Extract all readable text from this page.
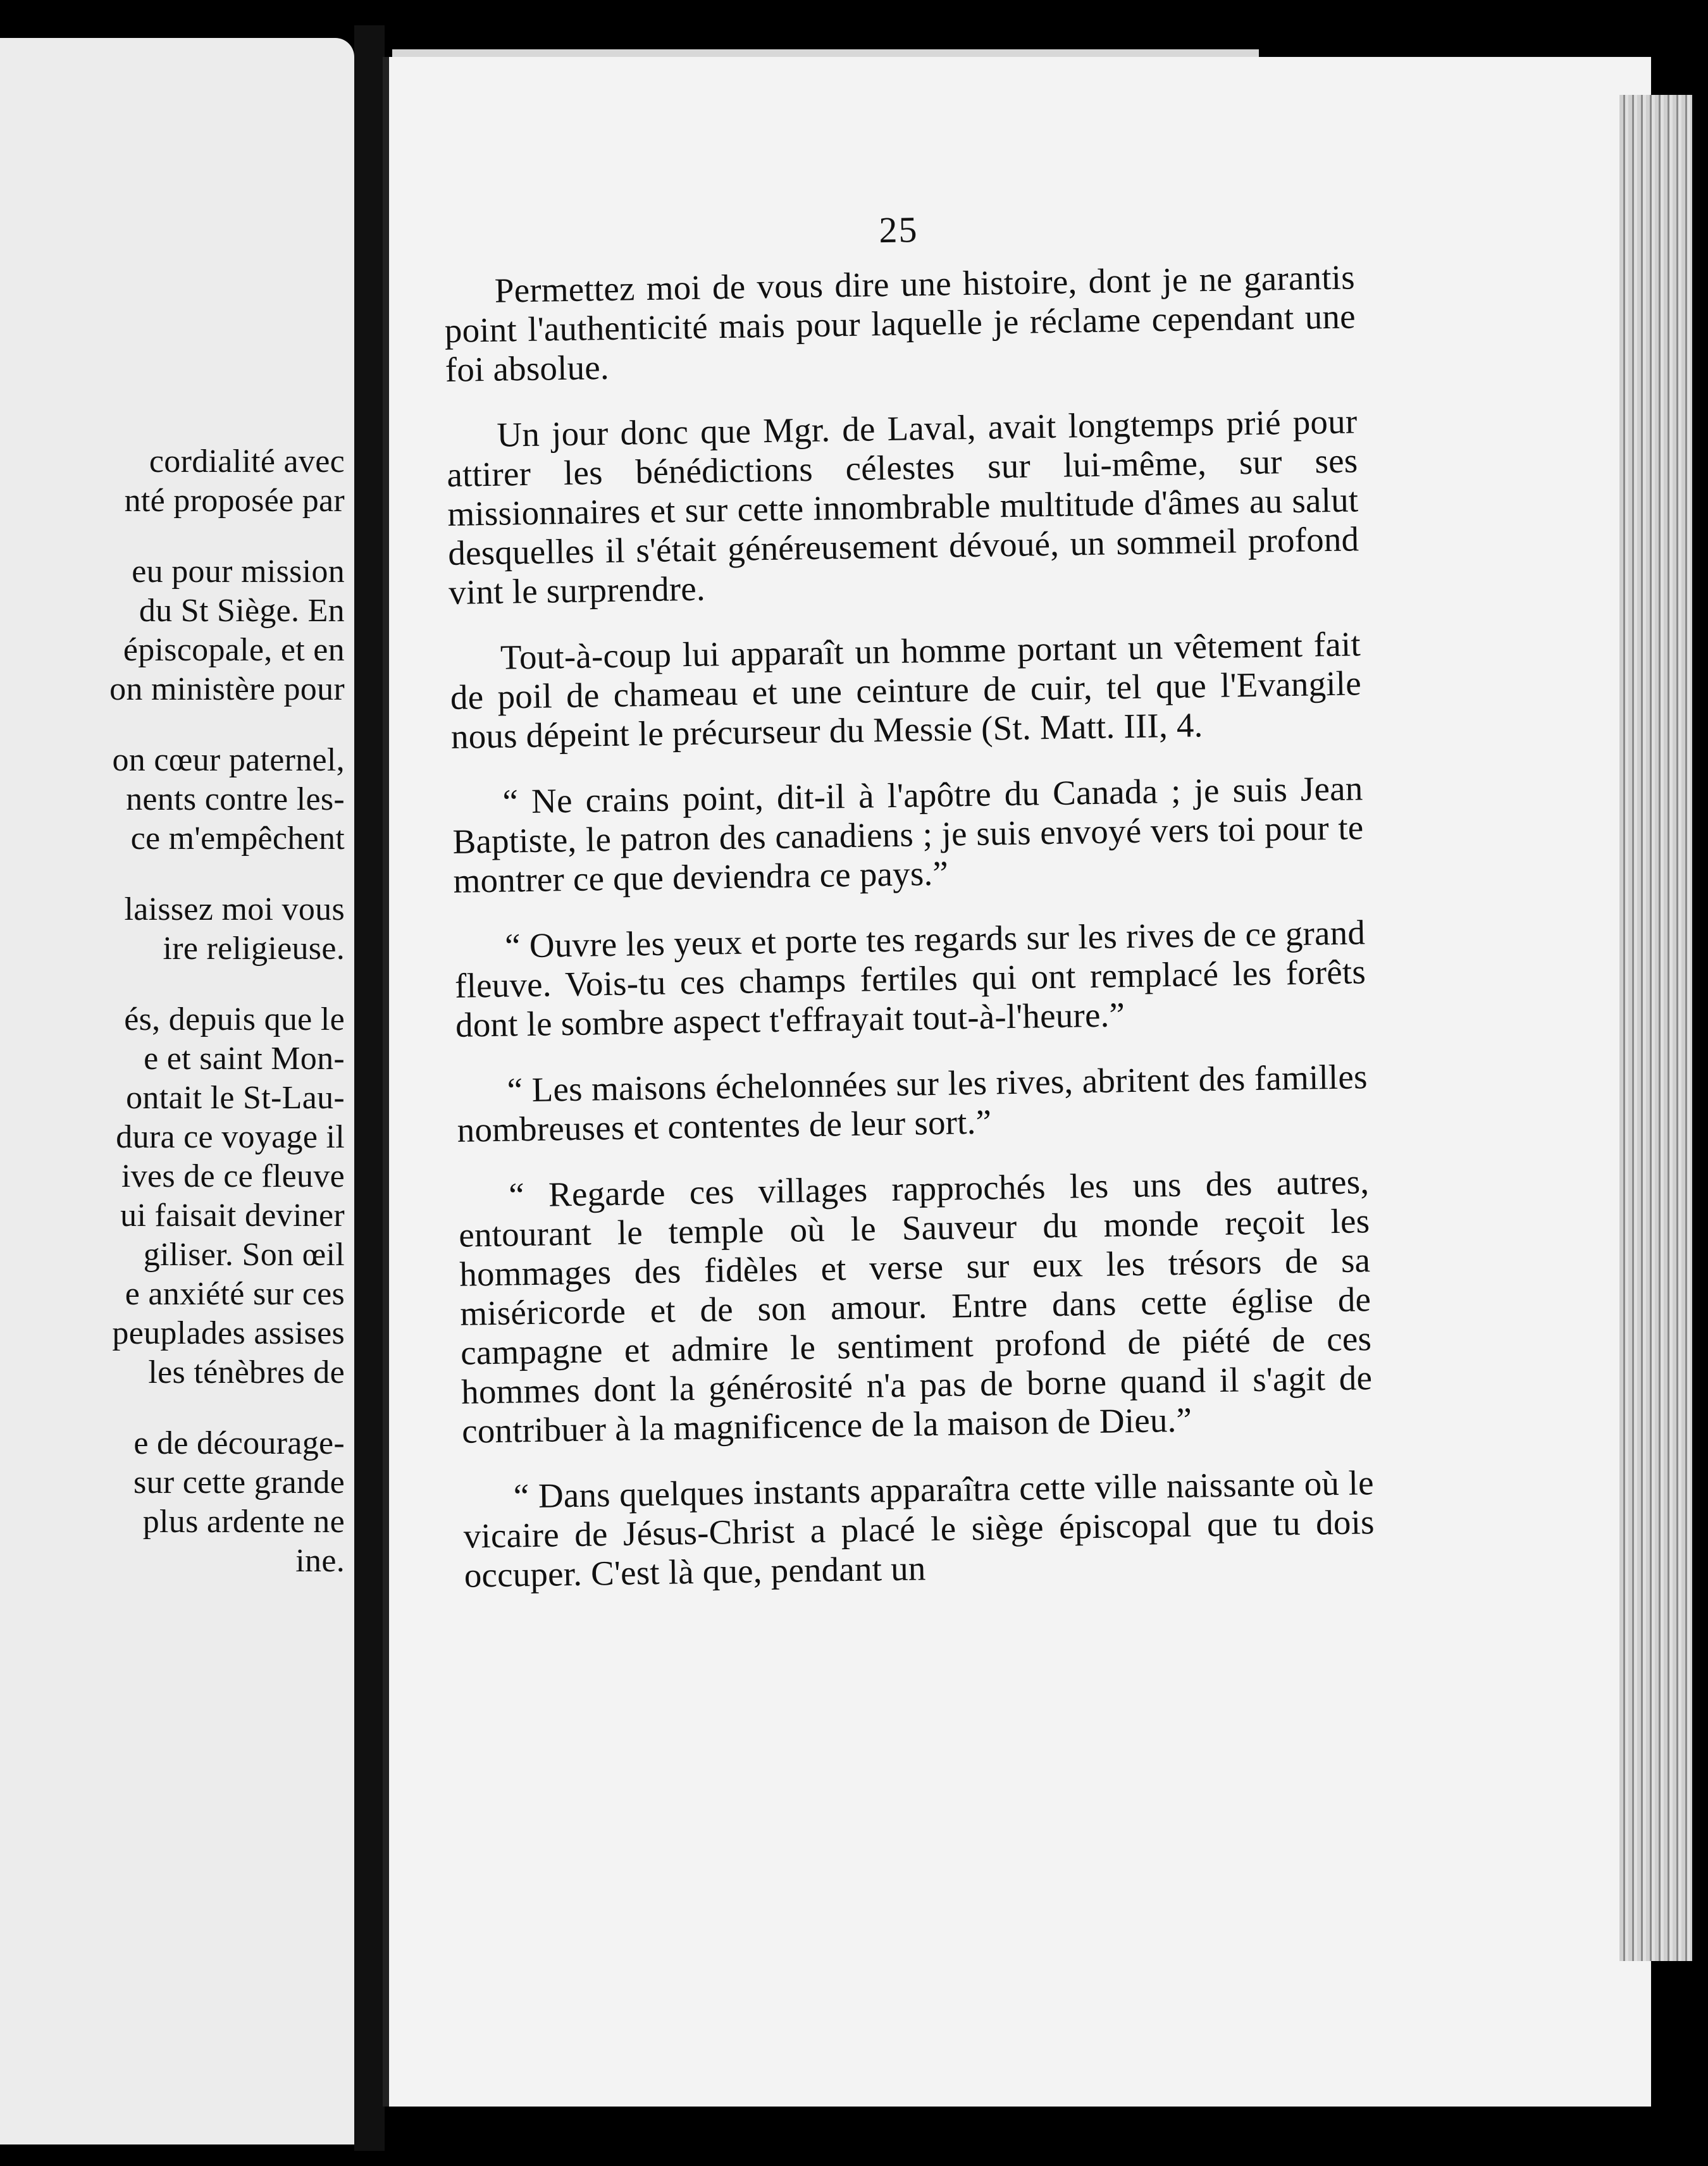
cordialité avec
nté proposée par
eu pour mission
du St Siège. En
épiscopale, et en
on ministère pour
on cœur paternel,
nents contre les-
ce m'empêchent
laissez moi vous
ire religieuse.
és, depuis que le
e et saint Mon-
ontait le St-Lau-
dura ce voyage il
ives de ce fleuve
ui faisait deviner
giliser. Son œil
e anxiété sur ces
peuplades assises
les ténèbres de
e de décourage-
sur cette grande
plus ardente ne
ine.
25

Permettez moi de vous dire une histoire, dont je ne garantis point l'authenticité mais pour laquelle je réclame cependant une foi absolue.

Un jour donc que Mgr. de Laval, avait longtemps prié pour attirer les bénédictions célestes sur lui-même, sur ses missionnaires et sur cette innombrable multitude d'âmes au salut desquelles il s'était généreusement dévoué, un sommeil profond vint le surprendre.

Tout-à-coup lui apparaît un homme portant un vêtement fait de poil de chameau et une ceinture de cuir, tel que l'Evangile nous dépeint le précurseur du Messie (St. Matt. III, 4.

“ Ne crains point, dit-il à l'apôtre du Canada ; je suis Jean Baptiste, le patron des canadiens ; je suis envoyé vers toi pour te montrer ce que deviendra ce pays.”

“ Ouvre les yeux et porte tes regards sur les rives de ce grand fleuve. Vois-tu ces champs fertiles qui ont remplacé les forêts dont le sombre aspect t'effrayait tout-à-l'heure.”

“ Les maisons échelonnées sur les rives, abritent des familles nombreuses et contentes de leur sort.”

“ Regarde ces villages rapprochés les uns des autres, entourant le temple où le Sauveur du monde reçoit les hommages des fidèles et verse sur eux les trésors de sa miséricorde et de son amour. Entre dans cette église de campagne et admire le sentiment profond de piété de ces hommes dont la générosité n'a pas de borne quand il s'agit de contribuer à la magnificence de la maison de Dieu.”

“ Dans quelques instants apparaîtra cette ville naissante où le vicaire de Jésus-Christ a placé le siège épiscopal que tu dois occuper. C'est là que, pendant un
